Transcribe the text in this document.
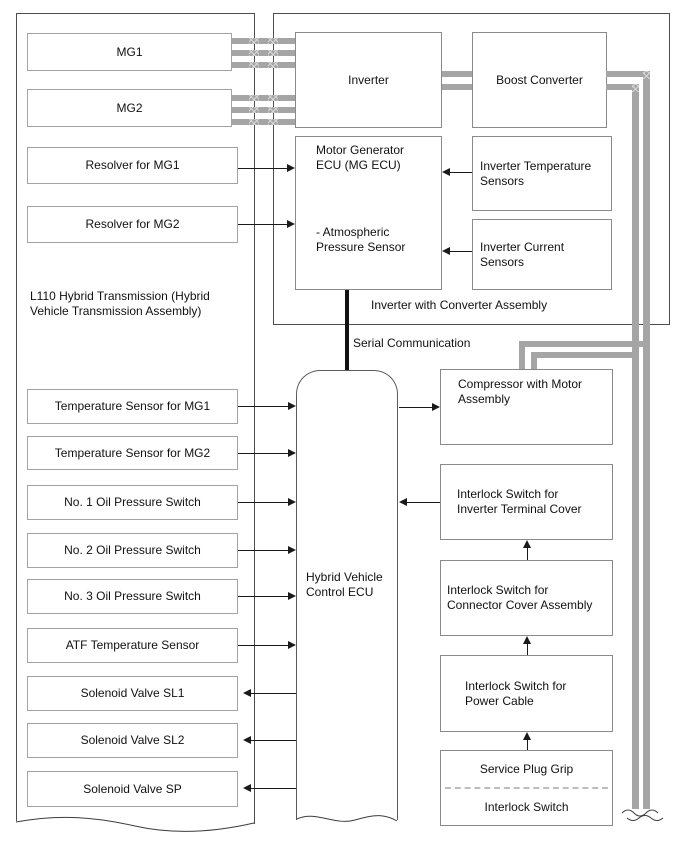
MG1
MG2
Resolver for MG1
Resolver for MG2
Temperature Sensor for MG1
Temperature Sensor for MG2
No. 1 Oil Pressure Switch
No. 2 Oil Pressure Switch
No. 3 Oil Pressure Switch
ATF Temperature Sensor
Solenoid Valve SL1
Solenoid Valve SL2
Solenoid Valve SP
L110 Hybrid Transmission (Hybrid Vehicle Transmission Assembly)
Inverter
Motor Generator ECU (MG ECU)
- Atmospheric Pressure Sensor
Boost Converter
Inverter Temperature Sensors
Inverter Current Sensors
Inverter with Converter Assembly
Serial Communication
Hybrid Vehicle Control ECU
Compressor with Motor Assembly
Interlock Switch for Inverter Terminal Cover
Interlock Switch for Connector Cover Assembly
Interlock Switch for Power Cable
Service Plug Grip
Interlock Switch
